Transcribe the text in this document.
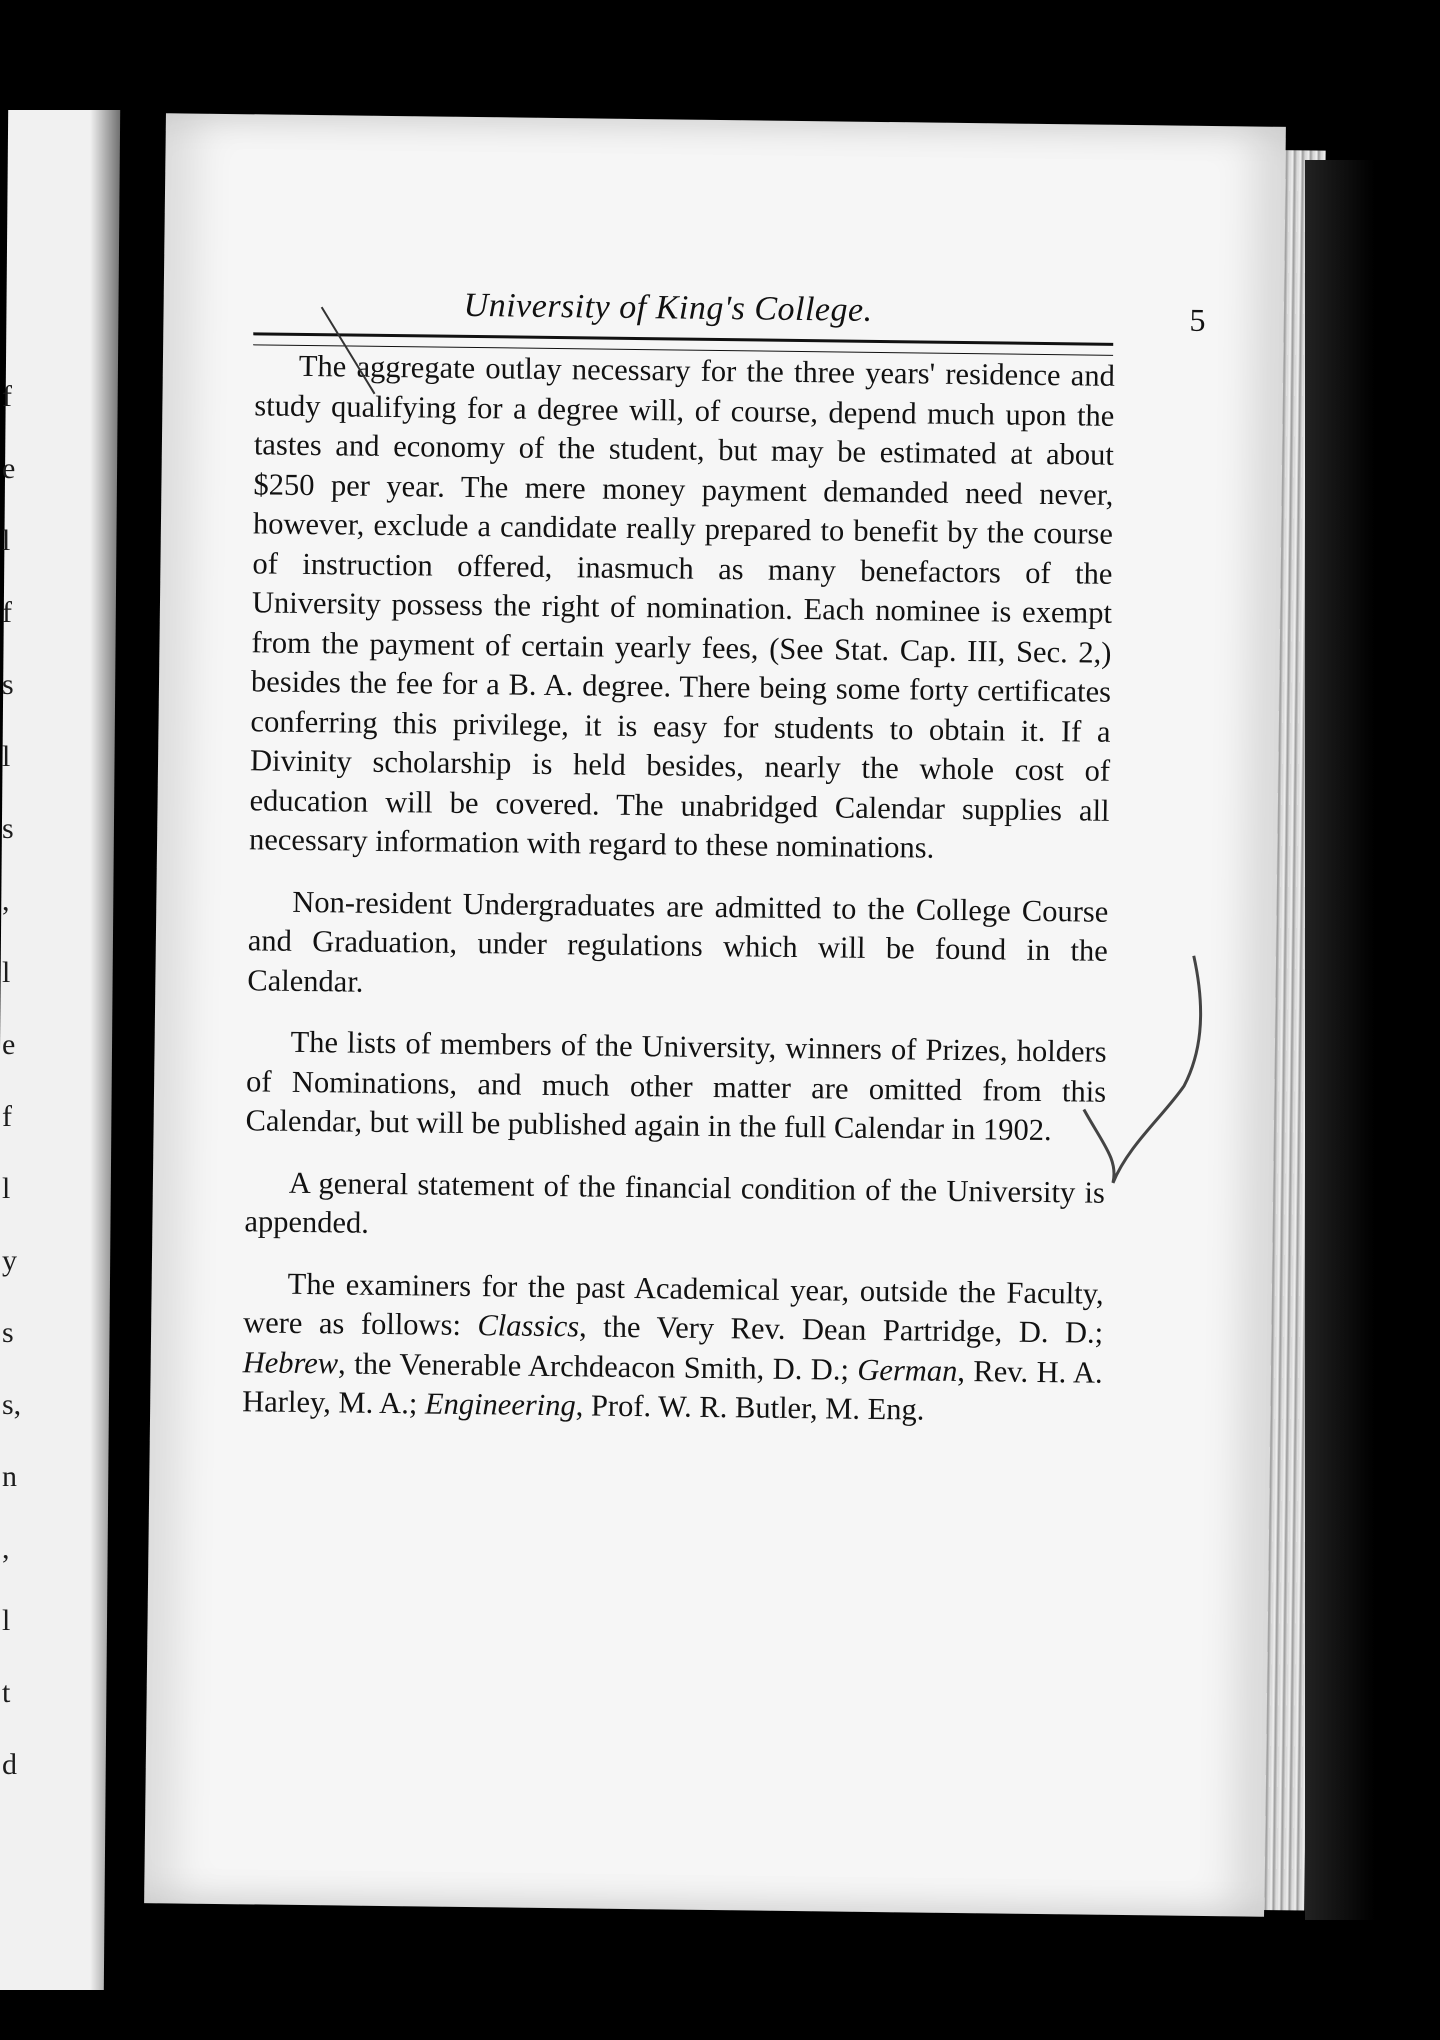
f
e
l
f
s
l
s
,
l
e
f
l
y
s
s,
n
,
l
t
d
University of King's College.	5

The aggregate outlay necessary for the three years' residence and study qualifying for a degree will, of course, depend much upon the tastes and economy of the student, but may be estimated at about $250 per year. The mere money payment demanded need never, however, exclude a candidate really prepared to benefit by the course of instruction offered, inasmuch as many benefactors of the University possess the right of nomination. Each nominee is exempt from the payment of certain yearly fees, (See Stat. Cap. III, Sec. 2,) besides the fee for a B. A. degree. There being some forty certificates conferring this privilege, it is easy for students to obtain it. If a Divinity scholarship is held besides, nearly the whole cost of education will be covered. The unabridged Calendar supplies all necessary information with regard to these nominations.

Non-resident Undergraduates are admitted to the College Course and Graduation, under regulations which will be found in the Calendar.

The lists of members of the University, winners of Prizes, holders of Nominations, and much other matter are omitted from this Calendar, but will be published again in the full Calendar in 1902.

A general statement of the financial condition of the University is appended.

The examiners for the past Academical year, outside the Faculty, were as follows: Classics, the Very Rev. Dean Partridge, D. D.; Hebrew, the Venerable Archdeacon Smith, D. D.; German, Rev. H. A. Harley, M. A.; Engineering, Prof. W. R. Butler, M. Eng.
